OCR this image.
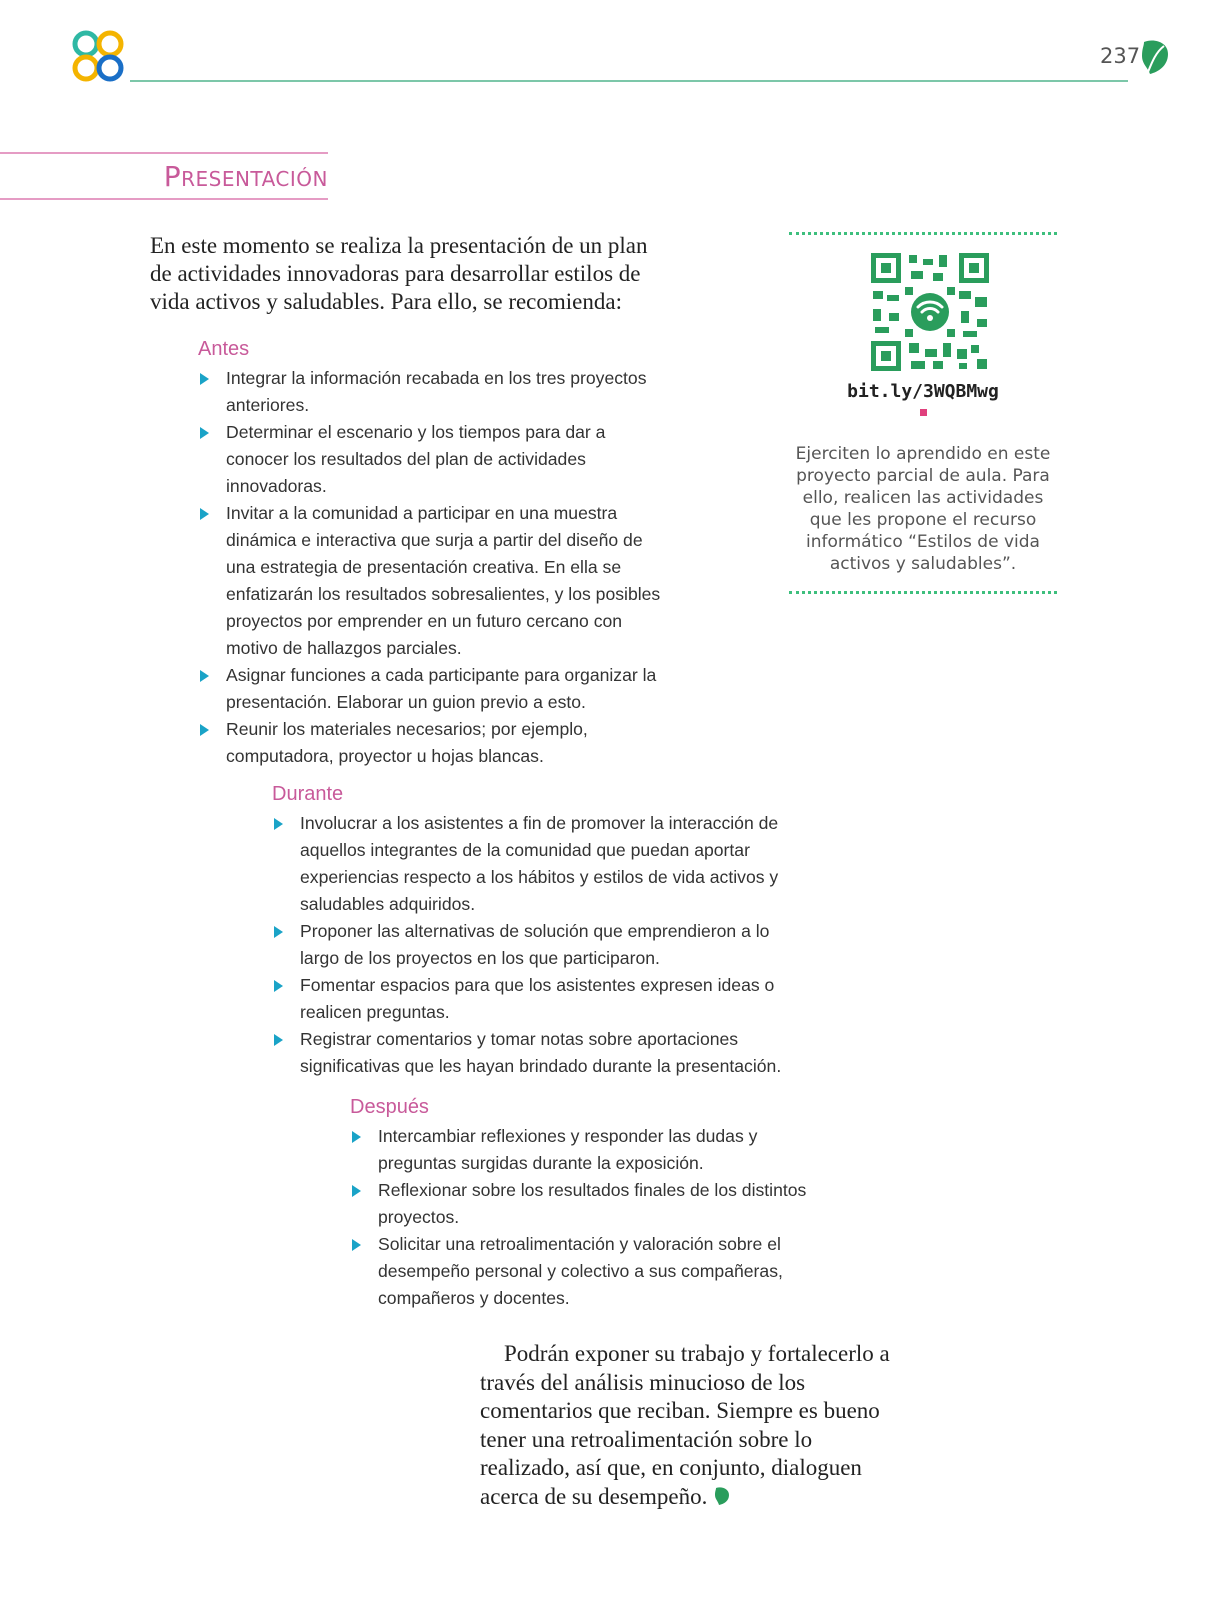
237
Presentación

En este momento se realiza la presentación de un plan de actividades innovadoras para desarrollar estilos de vida activos y saludables. Para ello, se recomienda:

Antes
Integrar la información recabada en los tres proyectos anteriores.
Determinar el escenario y los tiempos para dar a conocer los resultados del plan de actividades innovadoras.
Invitar a la comunidad a participar en una muestra dinámica e interactiva que surja a partir del diseño de una estrategia de presentación creativa. En ella se enfatizarán los resultados sobresalientes, y los posibles proyectos por emprender en un futuro cercano con motivo de hallazgos parciales.
Asignar funciones a cada participante para organizar la presentación. Elaborar un guion previo a esto.
Reunir los materiales necesarios; por ejemplo, computadora, proyector u hojas blancas.
Durante
Involucrar a los asistentes a fin de promover la interacción de aquellos integrantes de la comunidad que puedan aportar experiencias respecto a los hábitos y estilos de vida activos y saludables adquiridos.
Proponer las alternativas de solución que emprendieron a lo largo de los proyectos en los que participaron.
Fomentar espacios para que los asistentes expresen ideas o realicen preguntas.
Registrar comentarios y tomar notas sobre aportaciones significativas que les hayan brindado durante la presentación.
Después
Intercambiar reflexiones y responder las dudas y preguntas surgidas durante la exposición.
Reflexionar sobre los resultados finales de los distintos proyectos.
Solicitar una retroalimentación y valoración sobre el desempeño personal y colectivo a sus compañeras, compañeros y docentes.
bit.ly/3WQBMwg

Ejerciten lo aprendido en este proyecto parcial de aula. Para ello, realicen las actividades que les propone el recurso informático “Estilos de vida activos y saludables”.

Podrán exponer su trabajo y fortalecerlo a través del análisis minucioso de los comentarios que reciban. Siempre es bueno tener una retroalimentación sobre lo realizado, así que, en conjunto, dialoguen acerca de su desempeño.
